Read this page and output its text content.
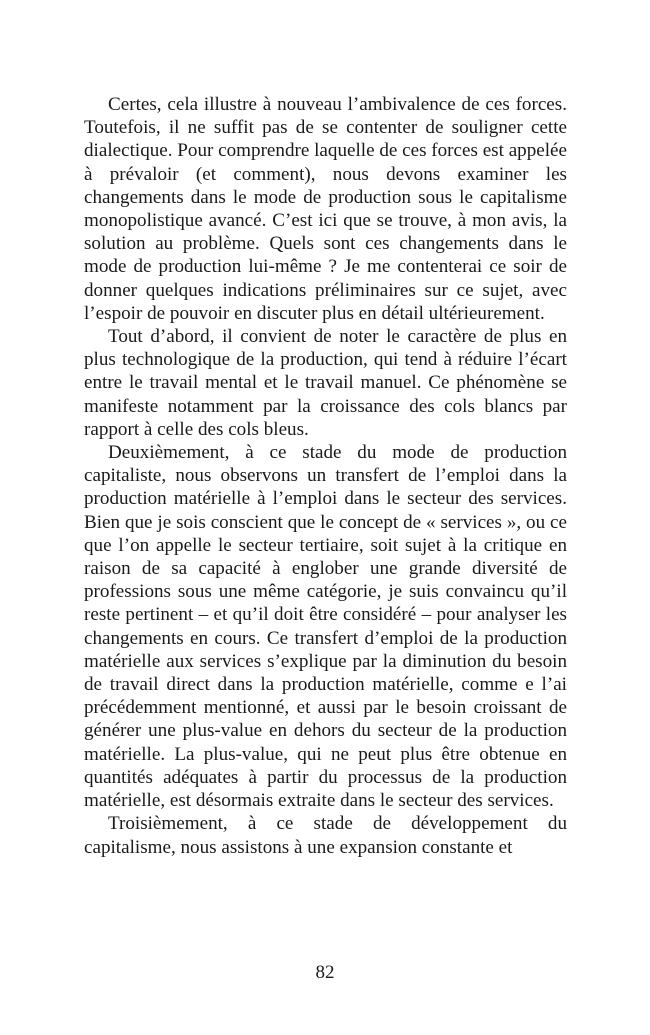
Certes, cela illustre à nouveau l’ambivalence de ces forces. Toutefois, il ne suffit pas de se contenter de souligner cette dialectique. Pour comprendre laquelle de ces forces est appelée à prévaloir (et comment), nous devons examiner les changements dans le mode de production sous le capitalisme monopolistique avancé. C’est ici que se trouve, à mon avis, la solution au problème. Quels sont ces changements dans le mode de production lui-même ? Je me contenterai ce soir de donner quelques indications préliminaires sur ce sujet, avec l’espoir de pouvoir en discuter plus en détail ultérieurement.

Tout d’abord, il convient de noter le caractère de plus en plus technologique de la production, qui tend à réduire l’écart entre le travail mental et le travail manuel. Ce phénomène se manifeste notamment par la croissance des cols blancs par rapport à celle des cols bleus.

Deuxièmement, à ce stade du mode de production capitaliste, nous observons un transfert de l’emploi dans la production matérielle à l’emploi dans le secteur des services. Bien que je sois conscient que le concept de « services », ou ce que l’on appelle le secteur tertiaire, soit sujet à la critique en raison de sa capacité à englober une grande diversité de professions sous une même catégorie, je suis convaincu qu’il reste pertinent – et qu’il doit être considéré – pour analyser les changements en cours. Ce transfert d’emploi de la production matérielle aux services s’explique par la diminution du besoin de travail direct dans la production matérielle, comme e l’ai précédemment mentionné, et aussi par le besoin croissant de générer une plus-value en dehors du secteur de la production matérielle. La plus-value, qui ne peut plus être obtenue en quantités adéquates à partir du processus de la production matérielle, est désormais extraite dans le secteur des services.

Troisièmement, à ce stade de développement du capitalisme, nous assistons à une expansion constante et

82
